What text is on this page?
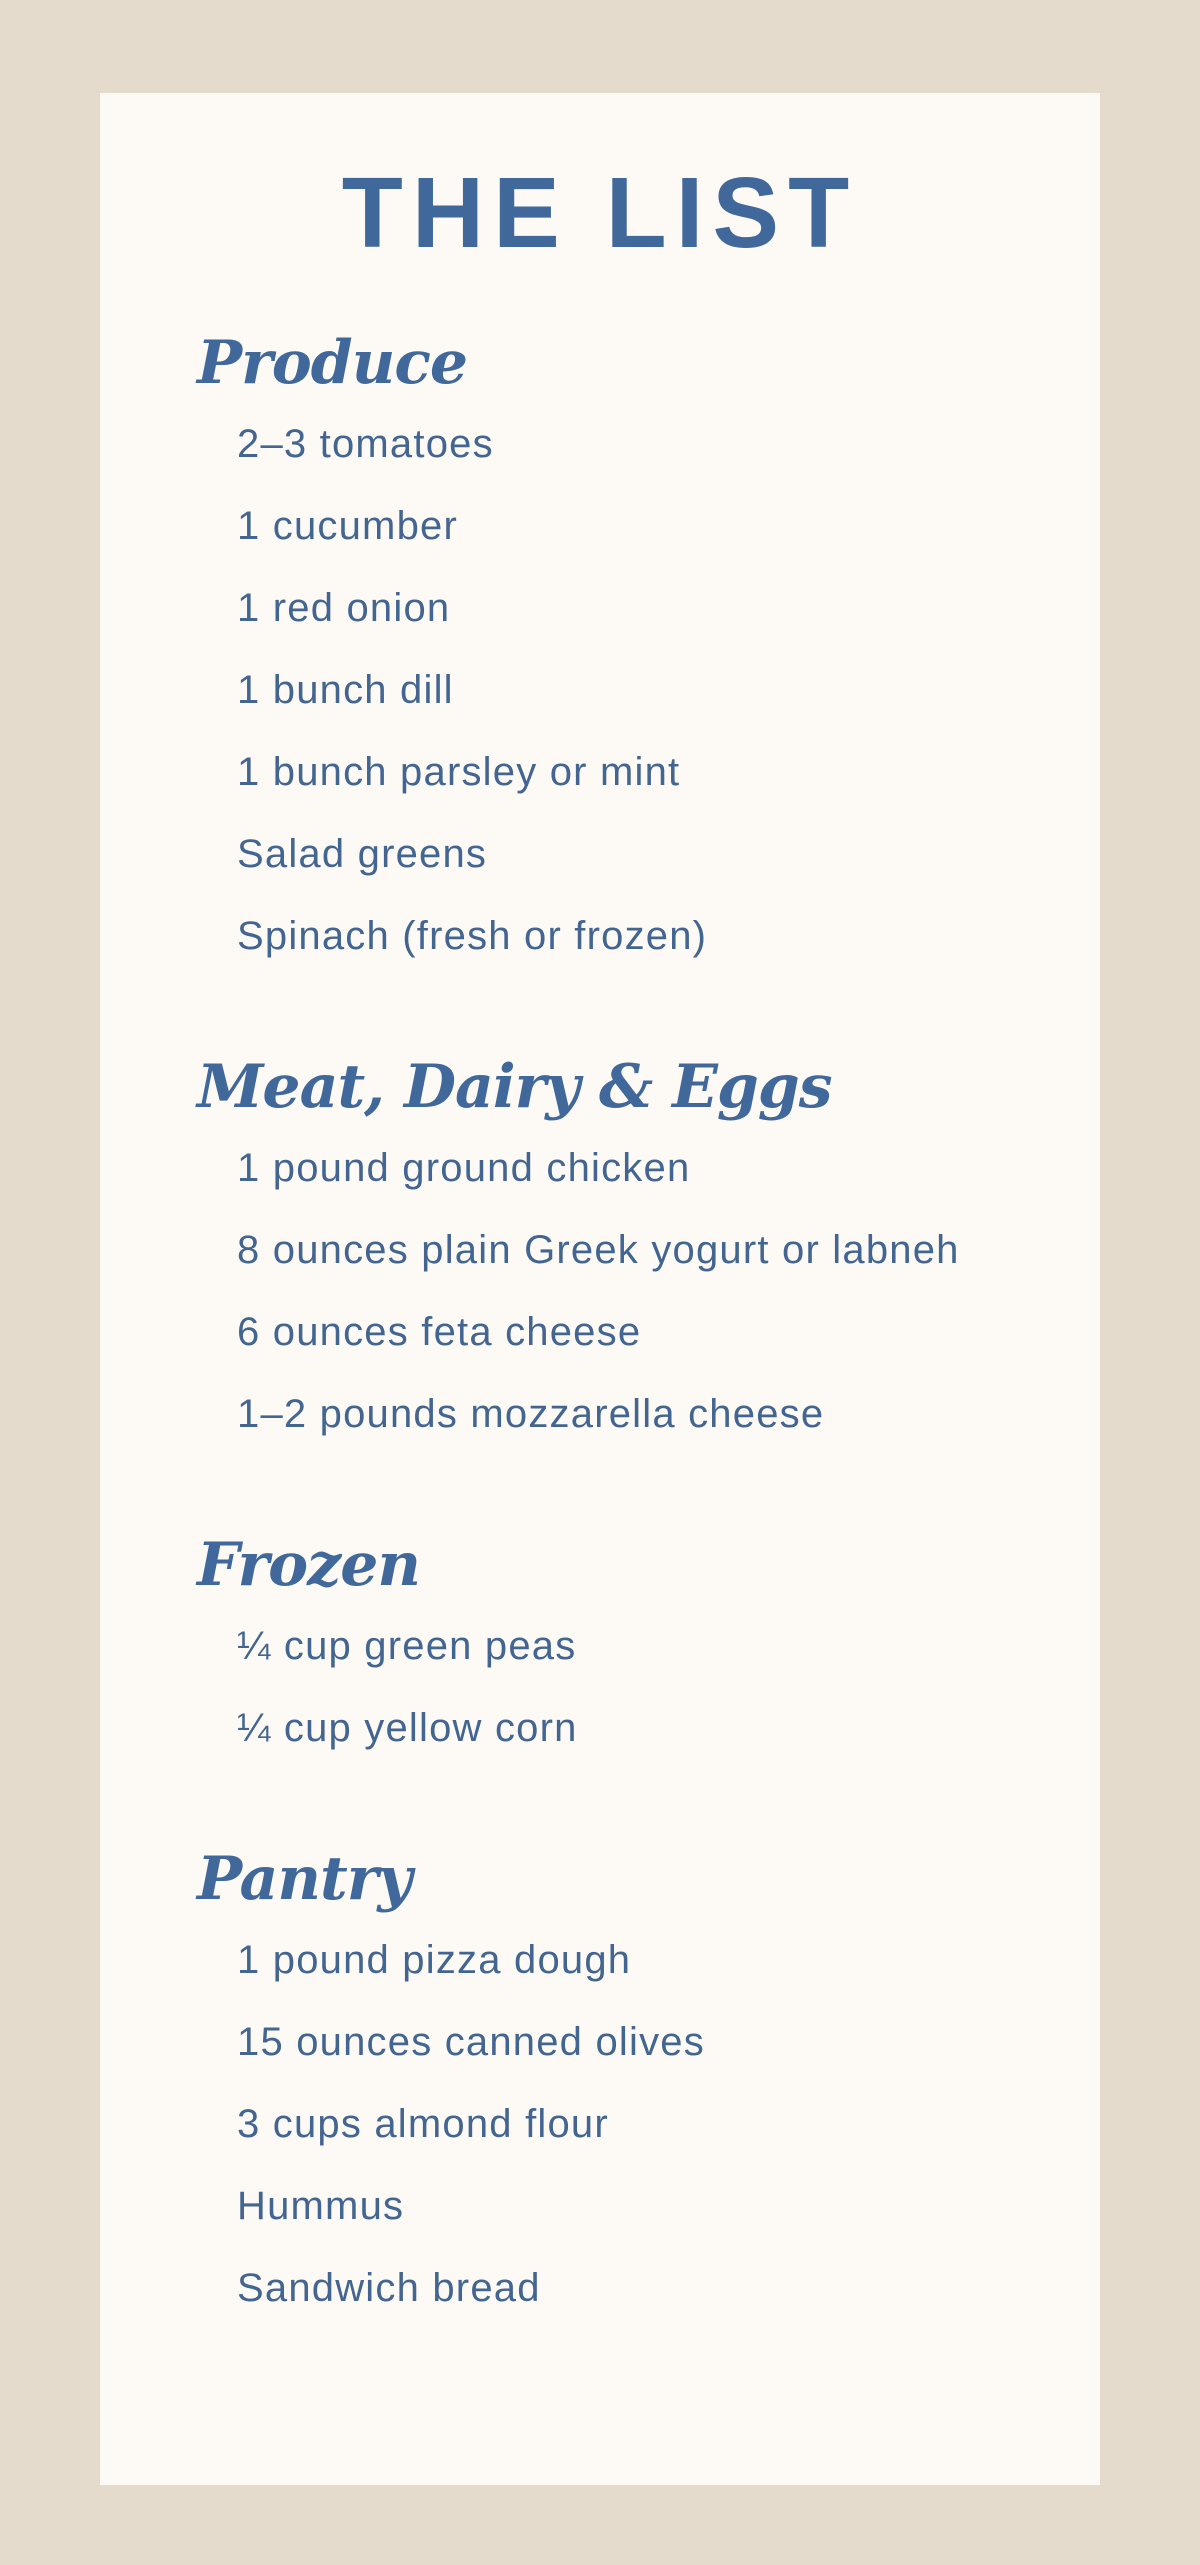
THE LIST
Produce
2–3 tomatoes
1 cucumber
1 red onion
1 bunch dill
1 bunch parsley or mint
Salad greens
Spinach (fresh or frozen)
Meat, Dairy & Eggs
1 pound ground chicken
8 ounces plain Greek yogurt or labneh
6 ounces feta cheese
1–2 pounds mozzarella cheese
Frozen
¼ cup green peas
¼ cup yellow corn
Pantry
1 pound pizza dough
15 ounces canned olives
3 cups almond flour
Hummus
Sandwich bread
